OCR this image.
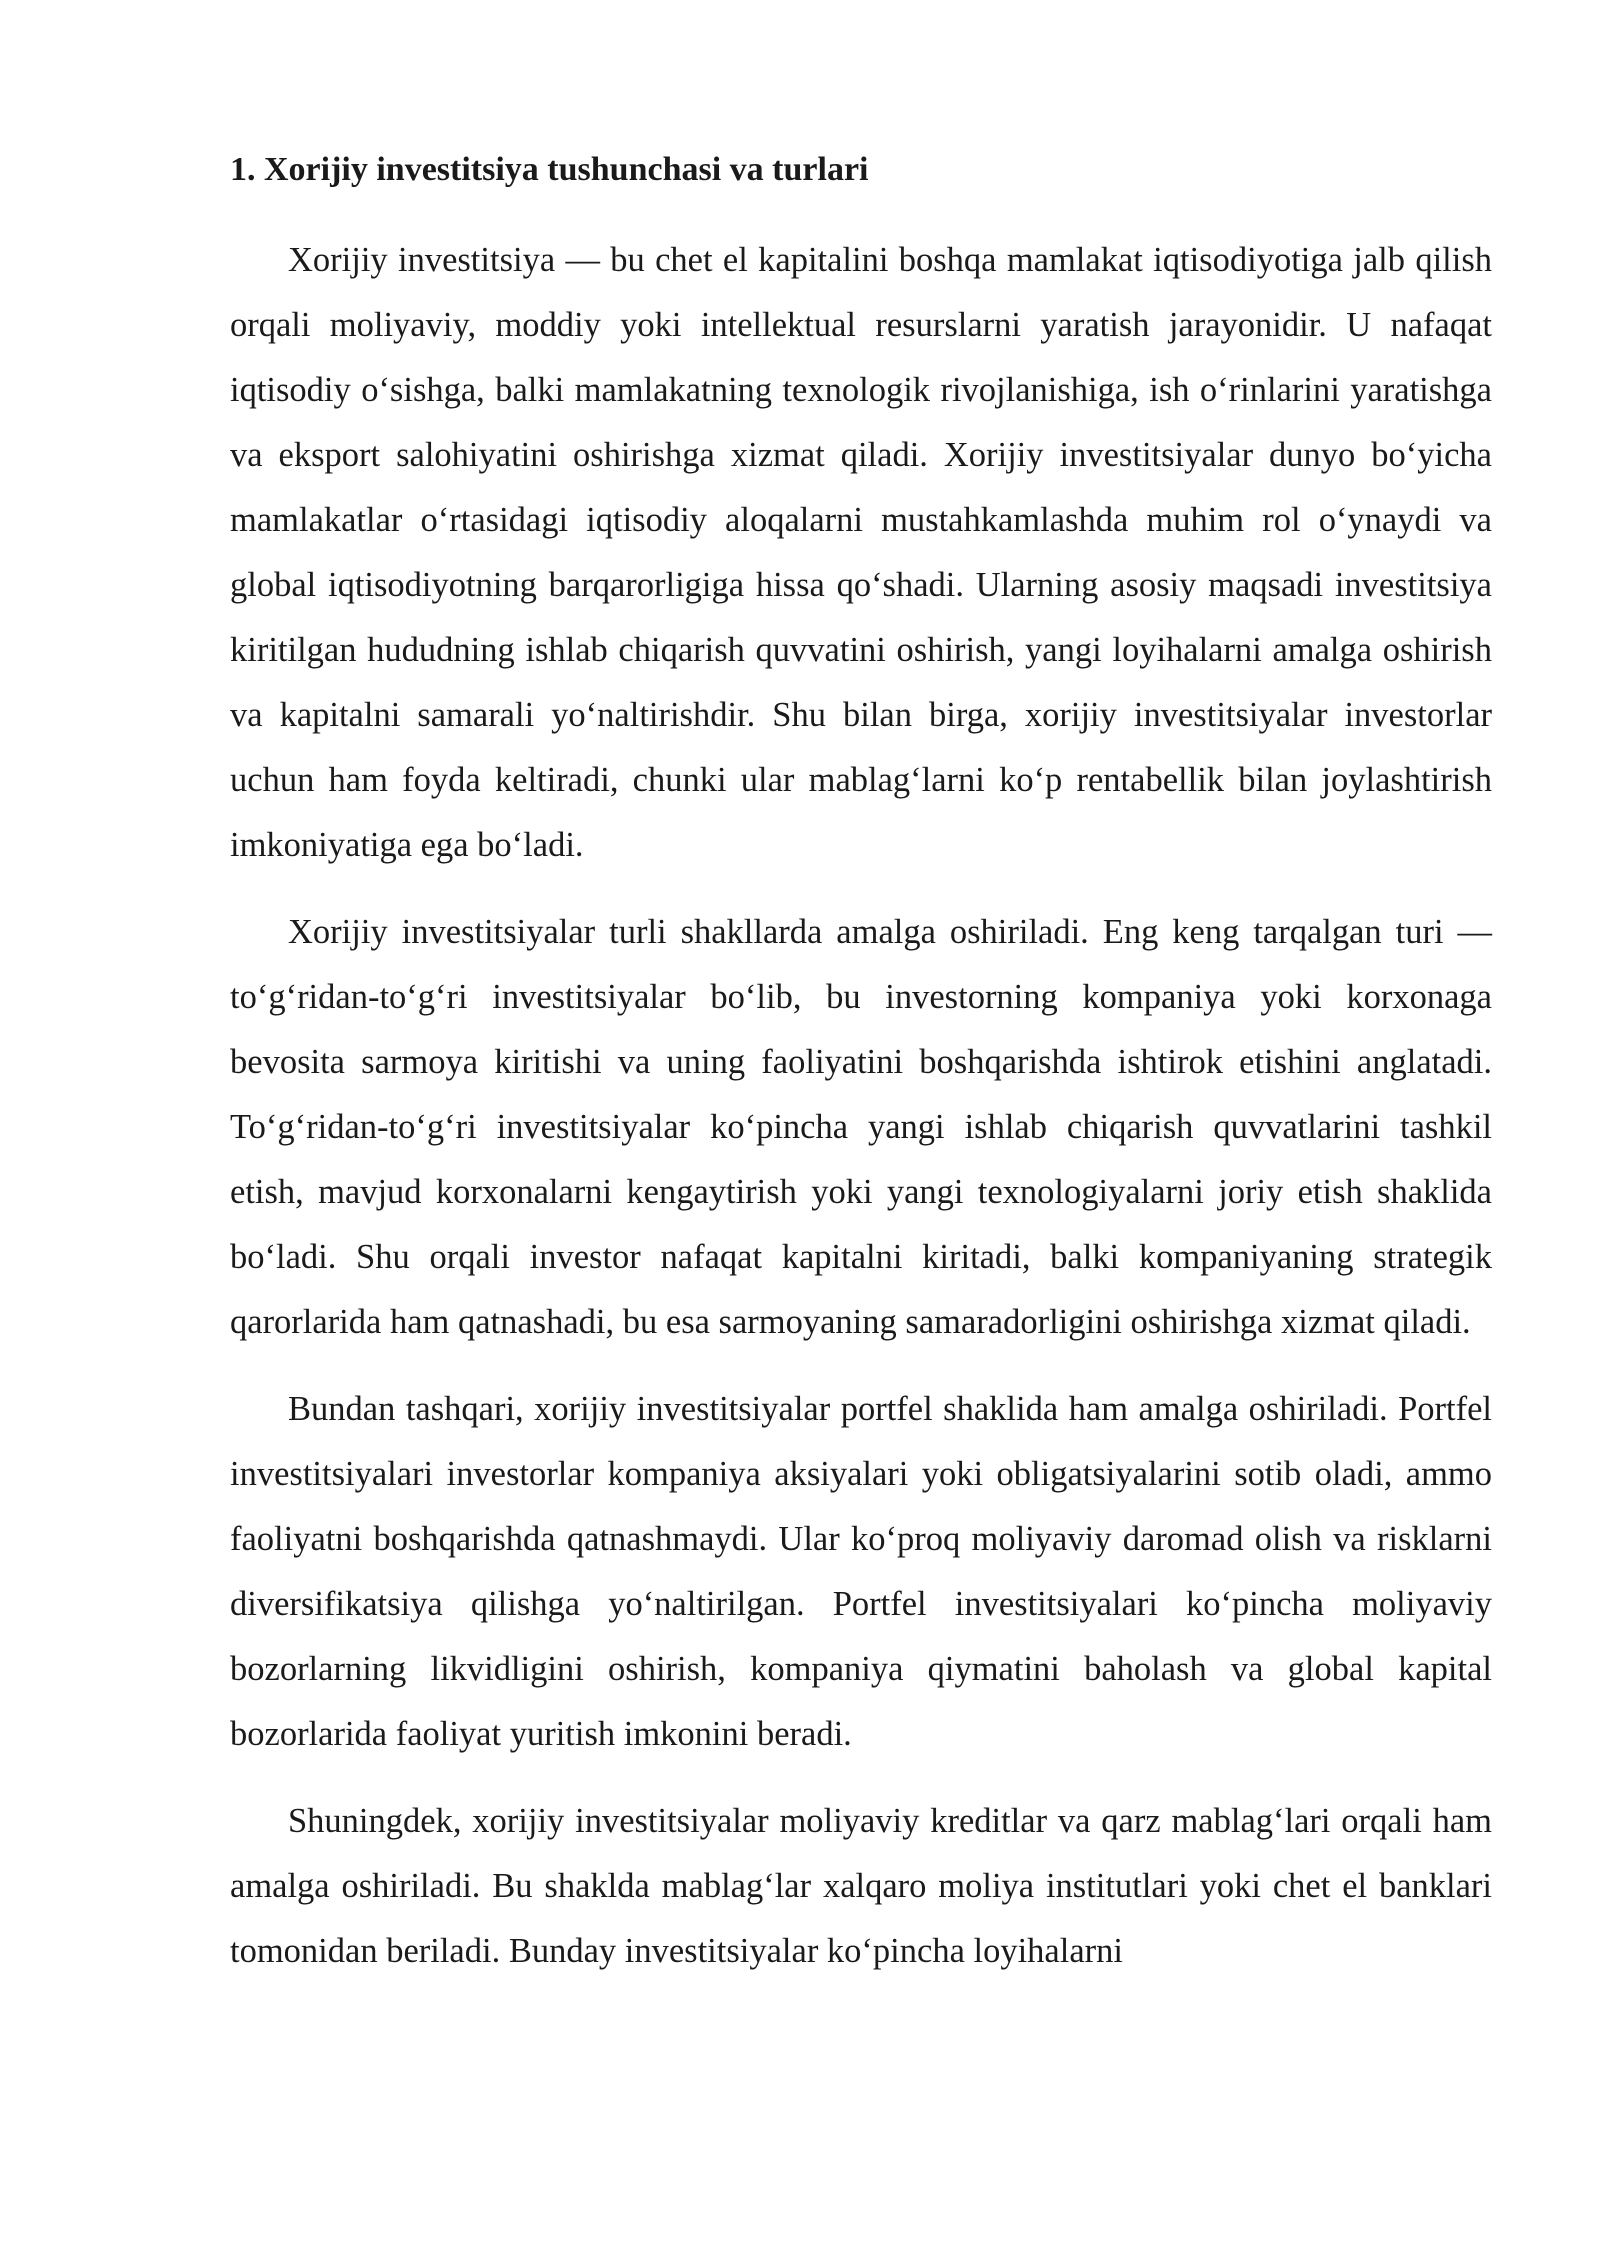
1. Xorijiy investitsiya tushunchasi va turlari

Xorijiy investitsiya — bu chet el kapitalini boshqa mamlakat iqtisodiyotiga jalb qilish orqali moliyaviy, moddiy yoki intellektual resurslarni yaratish jarayonidir. U nafaqat iqtisodiy o‘sishga, balki mamlakatning texnologik rivojlanishiga, ish o‘rinlarini yaratishga va eksport salohiyatini oshirishga xizmat qiladi. Xorijiy investitsiyalar dunyo bo‘yicha mamlakatlar o‘rtasidagi iqtisodiy aloqalarni mustahkamlashda muhim rol o‘ynaydi va global iqtisodiyotning barqarorligiga hissa qo‘shadi. Ularning asosiy maqsadi investitsiya kiritilgan hududning ishlab chiqarish quvvatini oshirish, yangi loyihalarni amalga oshirish va kapitalni samarali yo‘naltirishdir. Shu bilan birga, xorijiy investitsiyalar investorlar uchun ham foyda keltiradi, chunki ular mablag‘larni ko‘p rentabellik bilan joylashtirish imkoniyatiga ega bo‘ladi.

Xorijiy investitsiyalar turli shakllarda amalga oshiriladi. Eng keng tarqalgan turi — to‘g‘ridan-to‘g‘ri investitsiyalar bo‘lib, bu investorning kompaniya yoki korxonaga bevosita sarmoya kiritishi va uning faoliyatini boshqarishda ishtirok etishini anglatadi. To‘g‘ridan-to‘g‘ri investitsiyalar ko‘pincha yangi ishlab chiqarish quvvatlarini tashkil etish, mavjud korxonalarni kengaytirish yoki yangi texnologiyalarni joriy etish shaklida bo‘ladi. Shu orqali investor nafaqat kapitalni kiritadi, balki kompaniyaning strategik qarorlarida ham qatnashadi, bu esa sarmoyaning samaradorligini oshirishga xizmat qiladi.

Bundan tashqari, xorijiy investitsiyalar portfel shaklida ham amalga oshiriladi. Portfel investitsiyalari investorlar kompaniya aksiyalari yoki obligatsiyalarini sotib oladi, ammo faoliyatni boshqarishda qatnashmaydi. Ular ko‘proq moliyaviy daromad olish va risklarni diversifikatsiya qilishga yo‘naltirilgan. Portfel investitsiyalari ko‘pincha moliyaviy bozorlarning likvidligini oshirish, kompaniya qiymatini baholash va global kapital bozorlarida faoliyat yuritish imkonini beradi.

Shuningdek, xorijiy investitsiyalar moliyaviy kreditlar va qarz mablag‘lari orqali ham amalga oshiriladi. Bu shaklda mablag‘lar xalqaro moliya institutlari yoki chet el banklari tomonidan beriladi. Bunday investitsiyalar ko‘pincha loyihalarni
